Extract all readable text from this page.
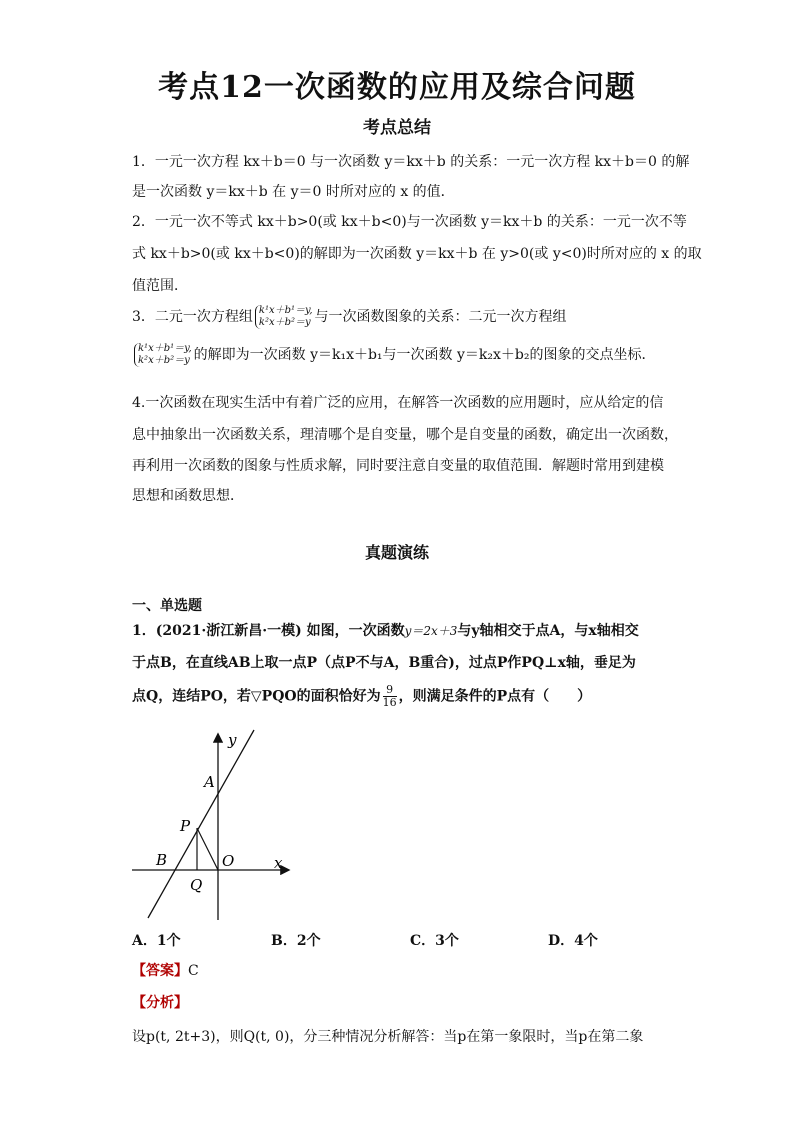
考点12一次函数的应用及综合问题
考点总结
1．一元一次方程 kx＋b＝0 与一次函数 y＝kx＋b 的关系：一元一次方程 kx＋b＝0 的解
是一次函数 y＝kx＋b 在 y＝0 时所对应的 x 的值．
2．一元一次不等式 kx＋b>0(或 kx＋b<0)与一次函数 y＝kx＋b 的关系：一元一次不等
式 kx＋b>0(或 kx＋b<0)的解即为一次函数 y＝kx＋b 在 y>0(或 y<0)时所对应的 x 的取
值范围．
3．二元一次方程组 k¹x＋b¹＝y,
k²x＋b²＝y 与一次函数图象的关系：二元一次方程组
k¹x＋b¹＝y,
k²x＋b²＝y 的解即为一次函数 y＝k₁x＋b₁与一次函数 y＝k₂x＋b₂的图象的交点坐标．
4.一次函数在现实生活中有着广泛的应用，在解答一次函数的应用题时，应从给定的信
息中抽象出一次函数关系，理清哪个是自变量，哪个是自变量的函数，确定出一次函数，
再利用一次函数的图象与性质求解，同时要注意自变量的取值范围．解题时常用到建模
思想和函数思想．
真题演练
一、单选题
1．(2021·浙江新昌·一模) 如图，一次函数y＝2x＋3与y轴相交于点A，与x轴相交
于点B，在直线AB上取一点P（点P不与A，B重合)，过点P作PQ⊥x轴，垂足为
点Q，连结PO，若▽PQO的面积恰好为 $\frac{9}{16}$ ，则满足条件的P点有（　　）
y
x
A
P
B	O
Q
A．1个	B．2个	C．3个	D．4个
【答案】C
【分析】
设p(t, 2t+3)，则Q(t, 0)，分三种情况分析解答：当p在第一象限时，当p在第二象
